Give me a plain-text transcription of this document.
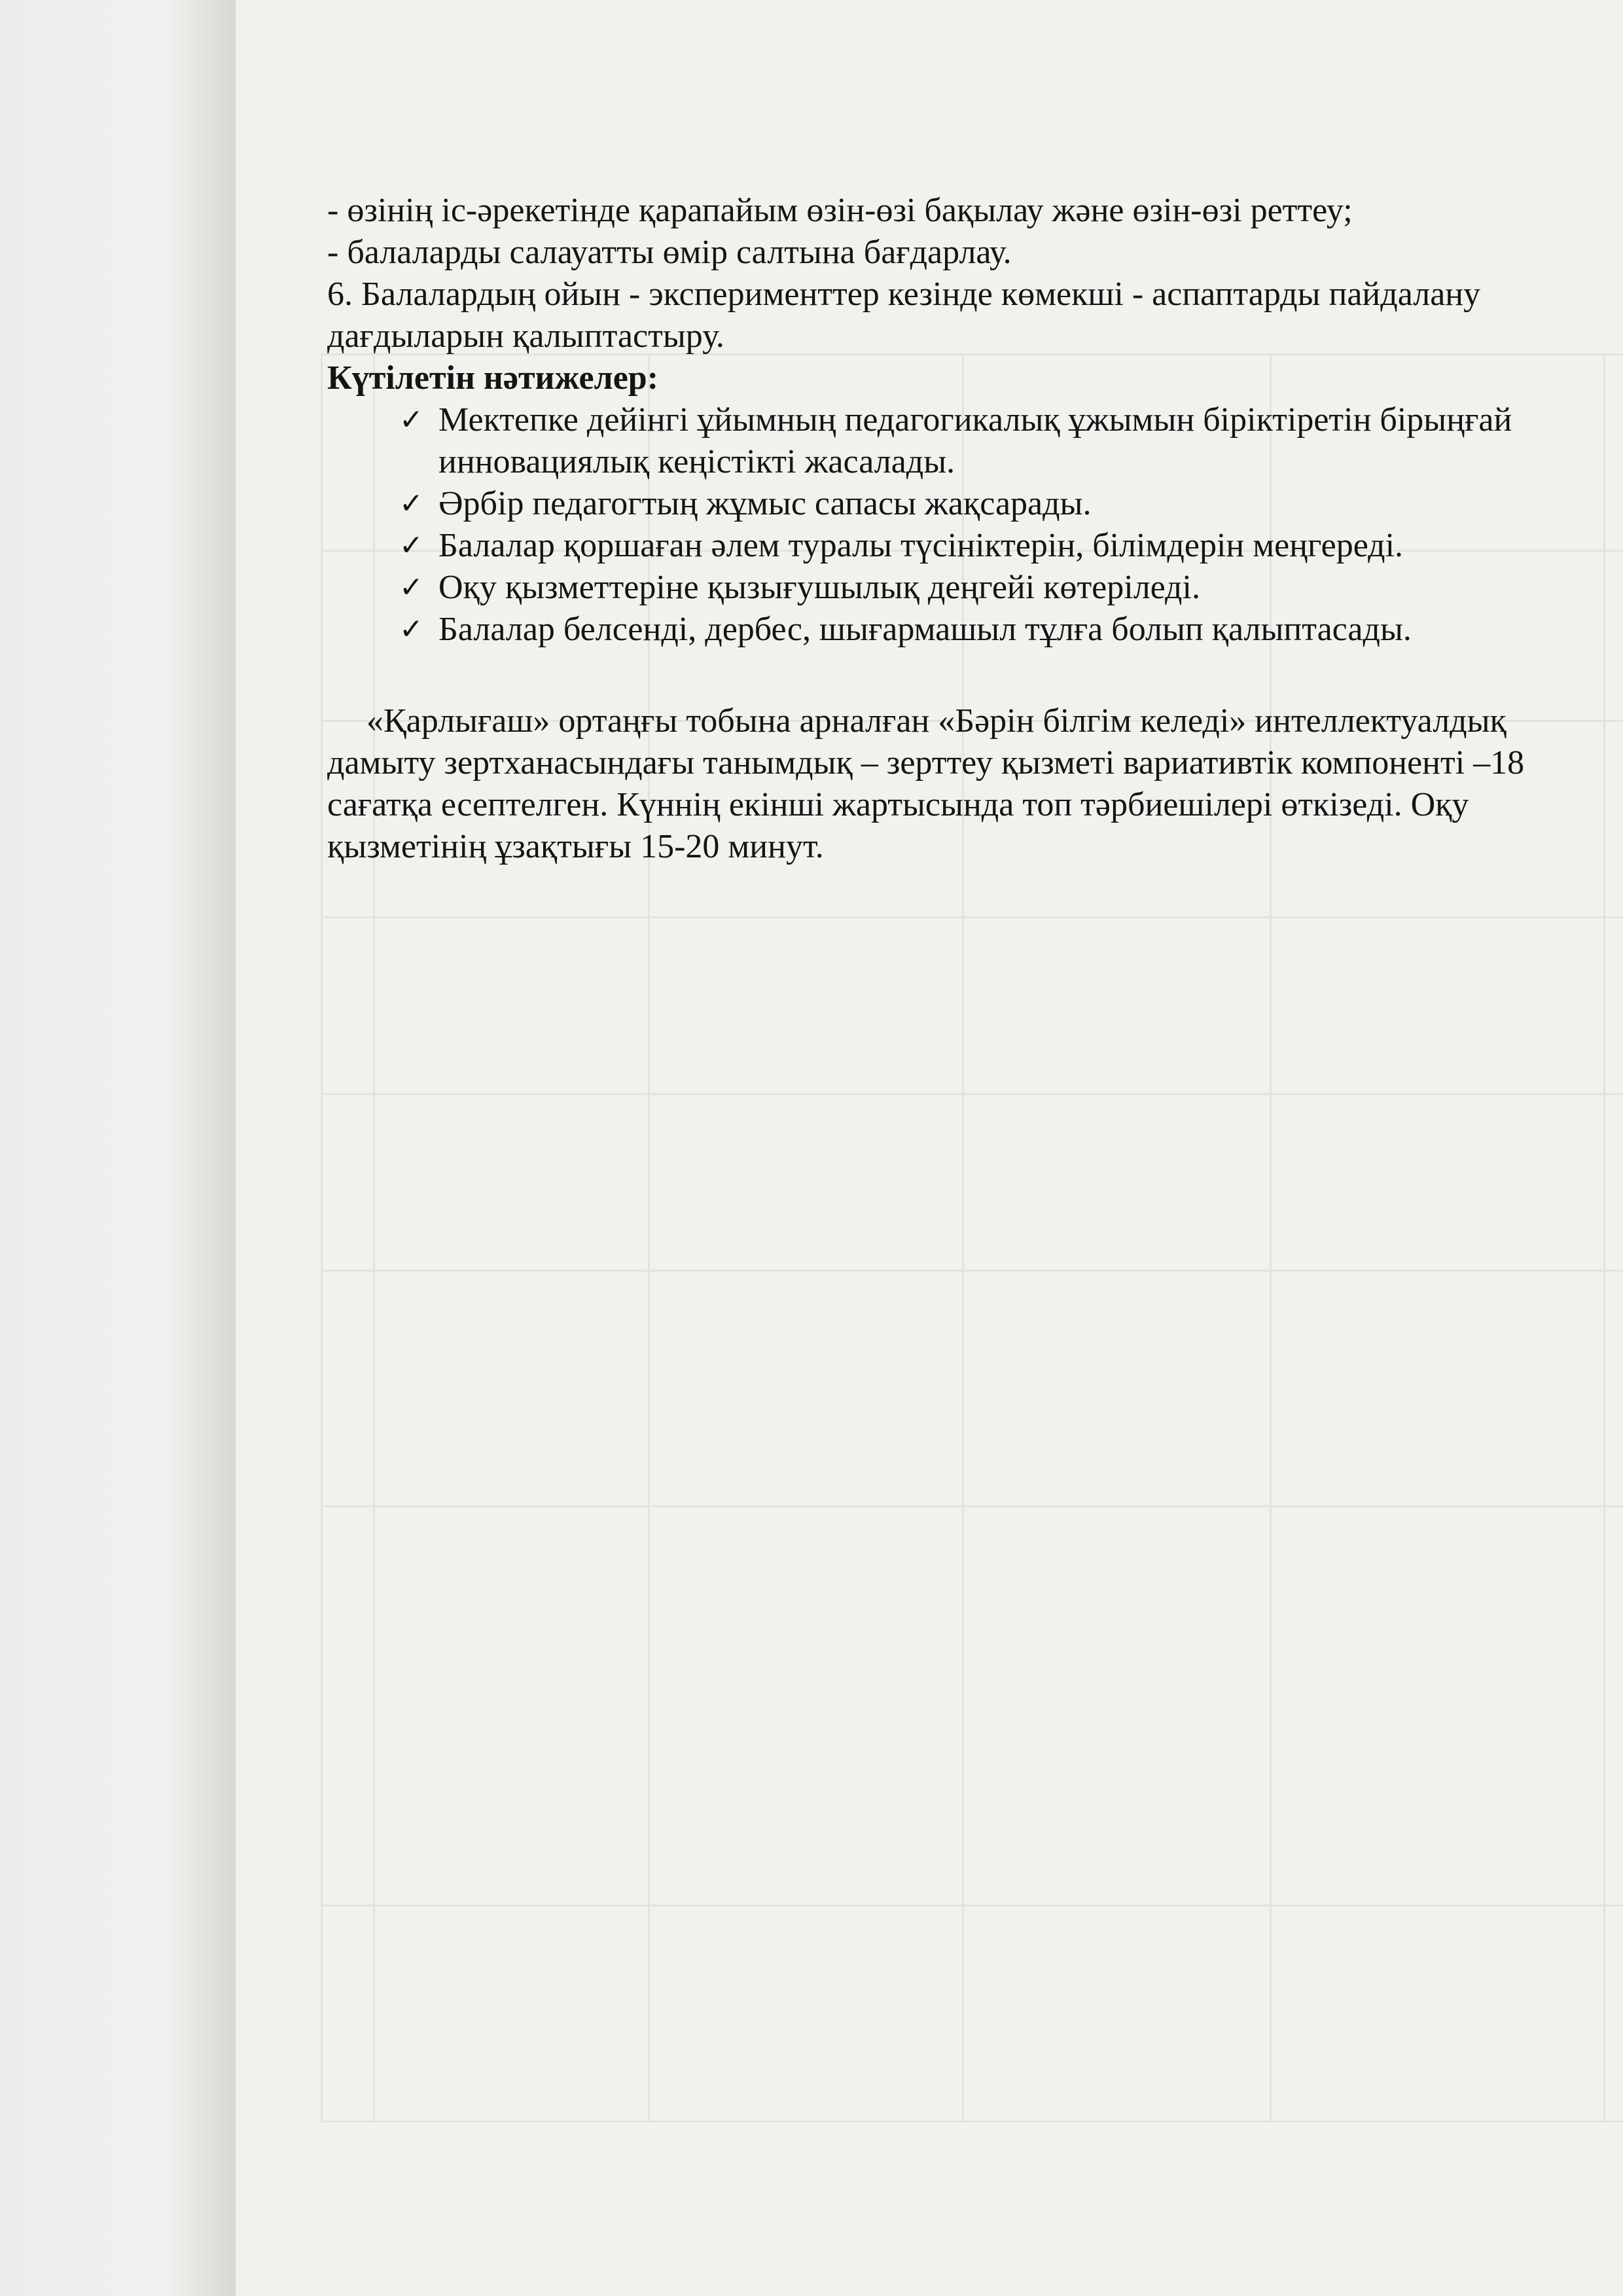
- өзінің іс-әрекетінде қарапайым өзін-өзі бақылау және өзін-өзі реттеу;

- балаларды салауатты өмір салтына бағдарлау.

6. Балалардың ойын - эксперименттер кезінде көмекші - аспаптарды пайдалану дағдыларын қалыптастыру.

Күтілетін нәтижелер:

✓ Мектепке дейінгі ұйымның педагогикалық ұжымын біріктіретін бірыңғай инновациялық кеңістікті жасалады.
✓ Әрбір педагогтың жұмыс сапасы жақсарады.
✓ Балалар қоршаған әлем туралы түсініктерін, білімдерін меңгереді.
✓ Оқу қызметтеріне қызығушылық деңгейі көтеріледі.
✓ Балалар белсенді, дербес, шығармашыл тұлға болып қалыптасады.

«Қарлығаш» ортаңғы тобына арналған «Бәрін білгім келеді» интеллектуалдық дамыту зертханасындағы танымдық – зерттеу қызметі вариативтік компоненті –18 сағатқа есептелген. Күннің екінші жартысында топ тәрбиешілері өткізеді. Оқу қызметінің ұзақтығы 15-20 минут.
